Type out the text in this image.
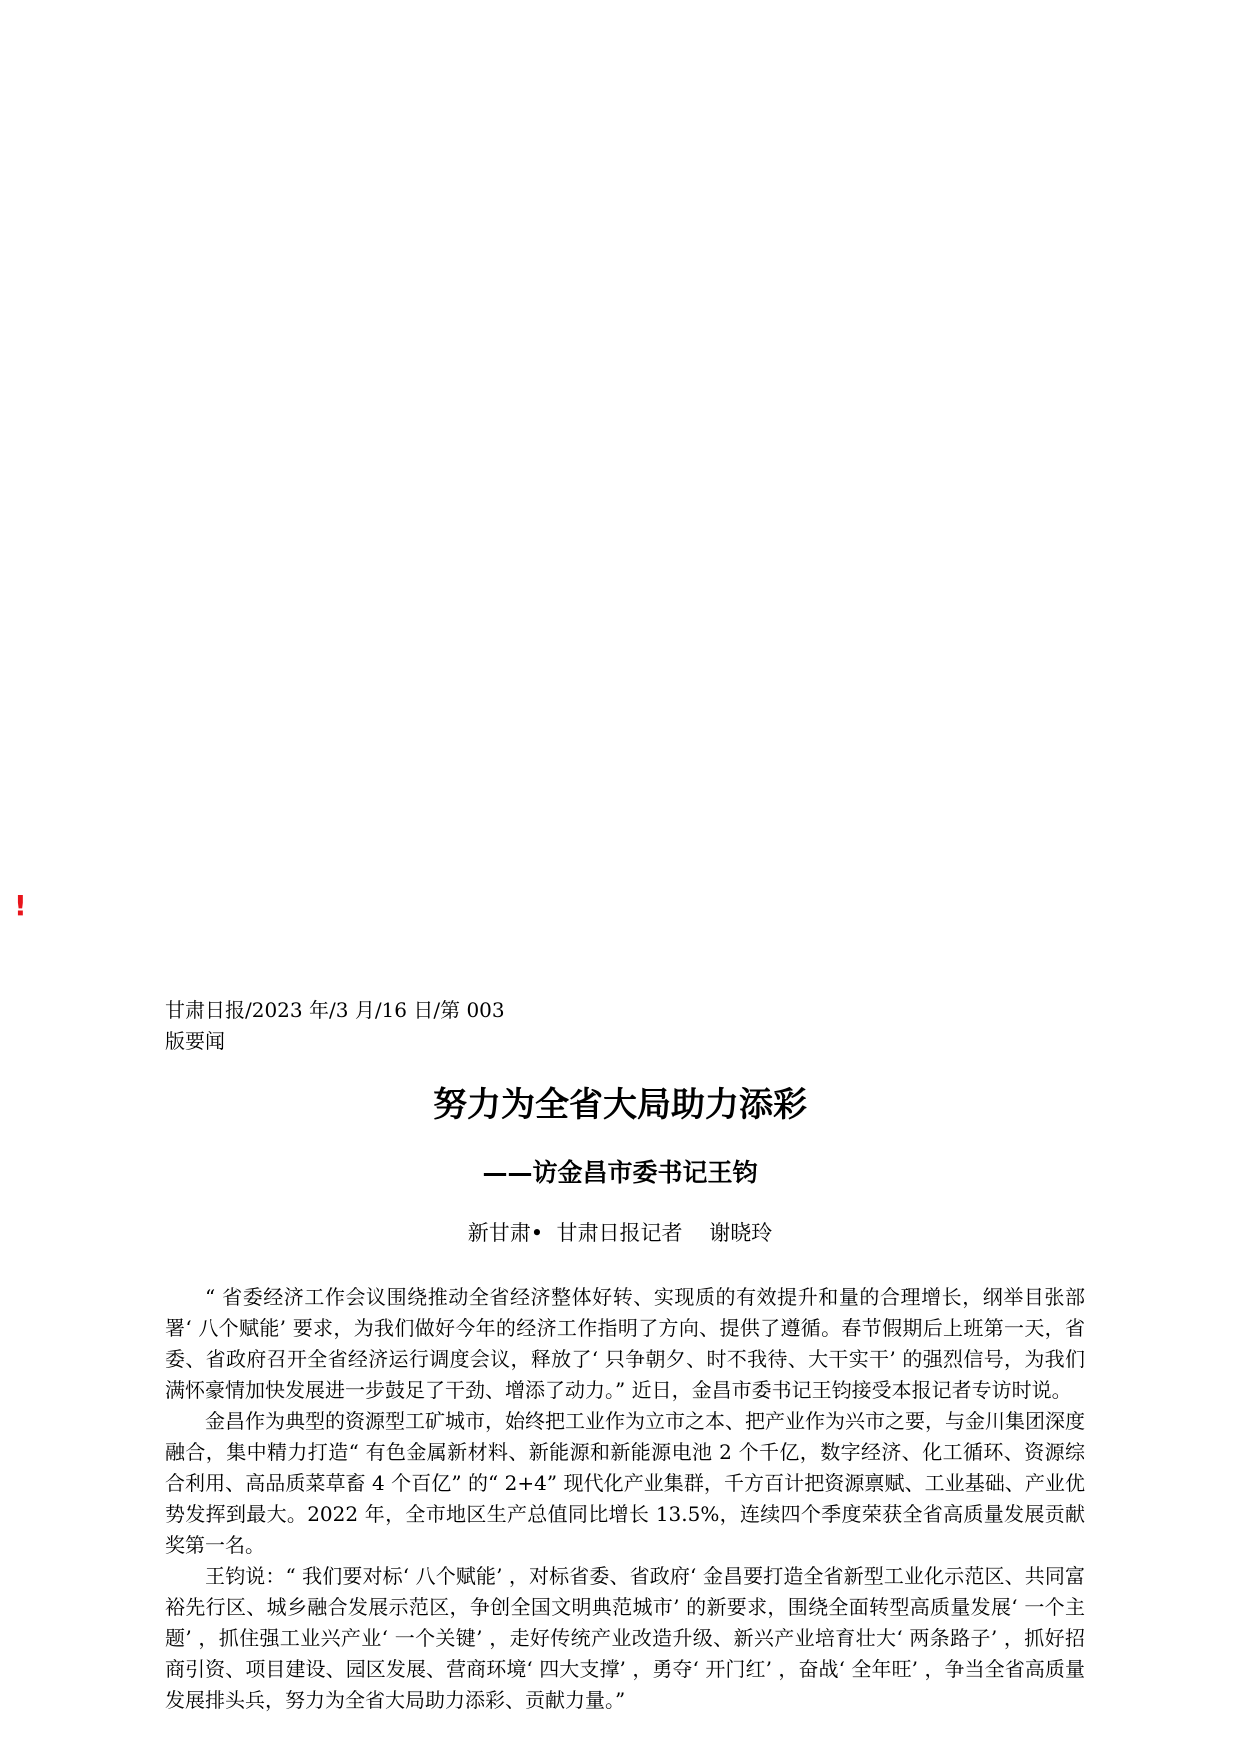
!
甘肃日报/2023 年/3 月/16 日/第 003
版要闻
努力为全省大局助力添彩
——访金昌市委书记王钧
新甘肃•  甘肃日报记者    谢晓玲

“ 省委经济工作会议围绕推动全省经济整体好转、实现质的有效提升和量的合理增长，纲举目张部署‘ 八个赋能’ 要求，为我们做好今年的经济工作指明了方向、提供了遵循。春节假期后上班第一天，省委、省政府召开全省经济运行调度会议，释放了‘ 只争朝夕、时不我待、大干实干’ 的强烈信号，为我们满怀豪情加快发展进一步鼓足了干劲、增添了动力。” 近日，金昌市委书记王钧接受本报记者专访时说。

金昌作为典型的资源型工矿城市，始终把工业作为立市之本、把产业作为兴市之要，与金川集团深度融合，集中精力打造“ 有色金属新材料、新能源和新能源电池 2 个千亿，数字经济、化工循环、资源综合利用、高品质菜草畜 4 个百亿” 的“ 2+4” 现代化产业集群，千方百计把资源禀赋、工业基础、产业优势发挥到最大。2022 年，全市地区生产总值同比增长 13.5%，连续四个季度荣获全省高质量发展贡献奖第一名。

王钧说：“ 我们要对标‘ 八个赋能’ ，对标省委、省政府‘ 金昌要打造全省新型工业化示范区、共同富裕先行区、城乡融合发展示范区，争创全国文明典范城市’ 的新要求，围绕全面转型高质量发展‘ 一个主题’ ，抓住强工业兴产业‘ 一个关键’ ，走好传统产业改造升级、新兴产业培育壮大‘ 两条路子’ ，抓好招商引资、项目建设、园区发展、营商环境‘ 四大支撑’ ，勇夺‘ 开门红’ ，奋战‘ 全年旺’ ，争当全省高质量发展排头兵，努力为全省大局助力添彩、贡献力量。”
